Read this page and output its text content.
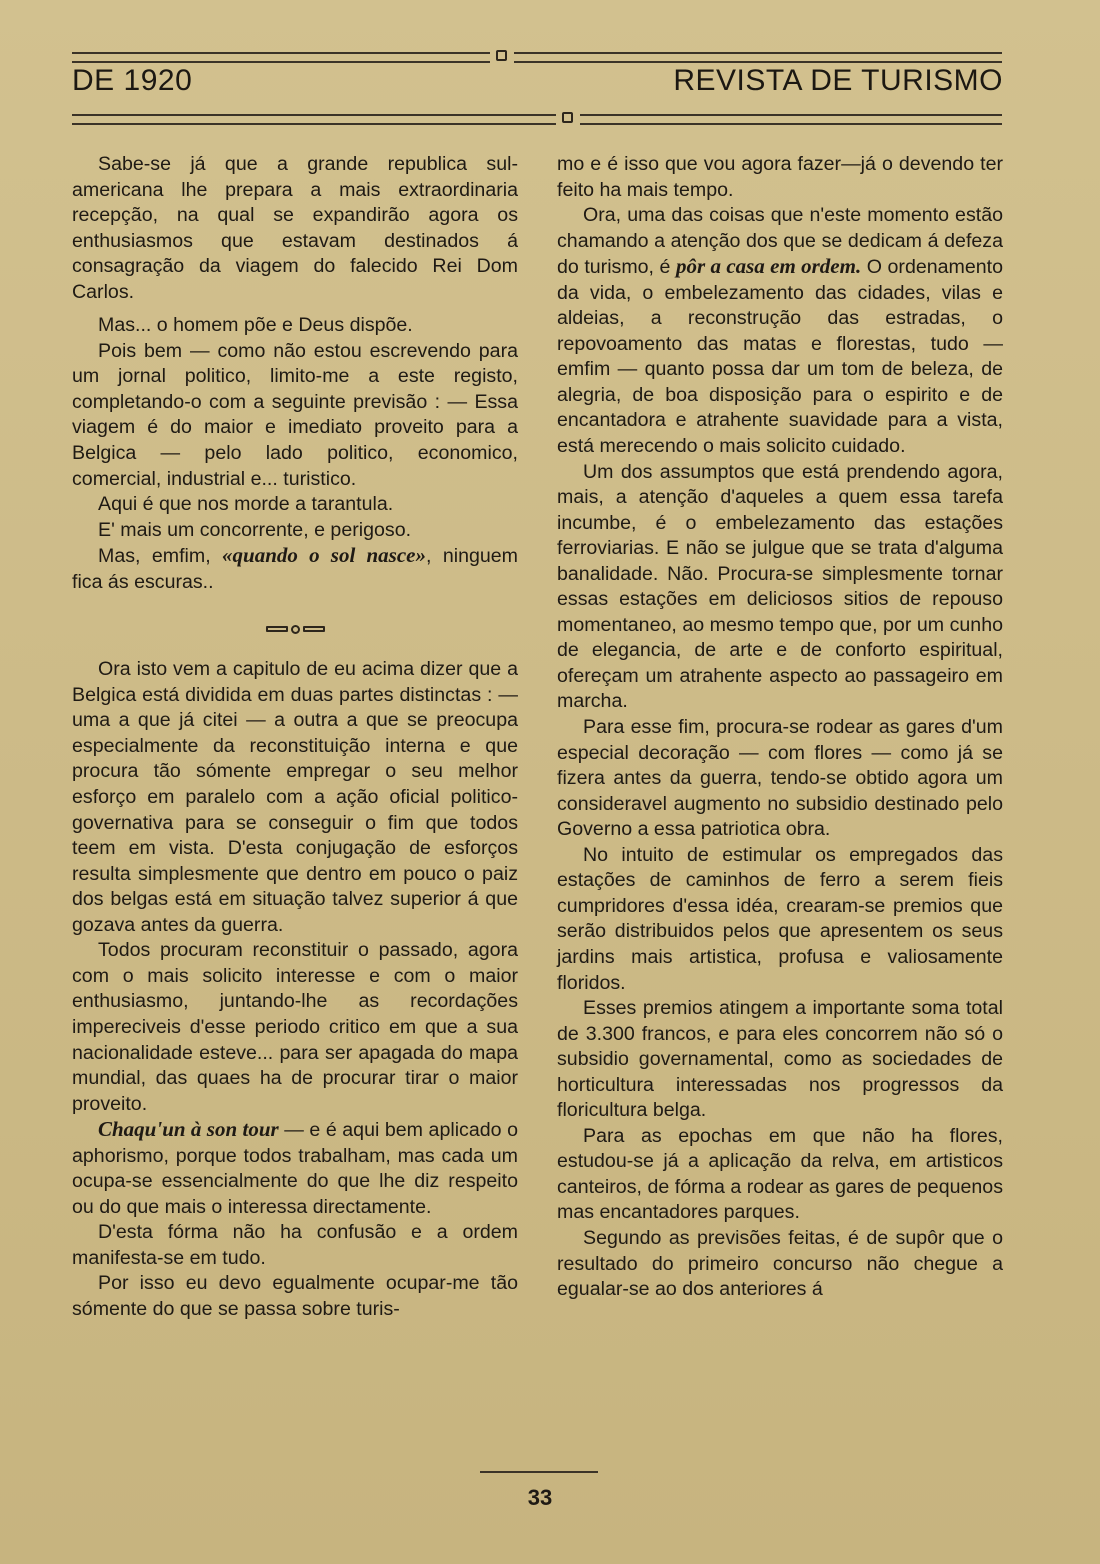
DE 1920	REVISTA DE TURISMO

Sabe-se já que a grande republica sul-americana lhe prepara a mais extraordinaria recepção, na qual se expandirão agora os enthusiasmos que estavam destinados á consagração da viagem do falecido Rei Dom Carlos.

Mas... o homem põe e Deus dispõe.

Pois bem — como não estou escrevendo para um jornal politico, limito-me a este registo, completando-o com a seguinte previsão : — Essa viagem é do maior e imediato proveito para a Belgica — pelo lado politico, economico, comercial, industrial e... turistico.

Aqui é que nos morde a tarantula.

E' mais um concorrente, e perigoso.

Mas, emfim, «quando o sol nasce», ninguem fica ás escuras..

Ora isto vem a capitulo de eu acima dizer que a Belgica está dividida em duas partes distinctas : — uma a que já citei — a outra a que se preocupa especialmente da reconstituição interna e que procura tão sómente empregar o seu melhor esforço em paralelo com a ação oficial politico-governativa para se conseguir o fim que todos teem em vista. D'esta conjugação de esforços resulta simplesmente que dentro em pouco o paiz dos belgas está em situação talvez superior á que gozava antes da guerra.

Todos procuram reconstituir o passado, agora com o mais solicito interesse e com o maior enthusiasmo, juntando-lhe as recordações impereciveis d'esse periodo critico em que a sua nacionalidade esteve... para ser apagada do mapa mundial, das quaes ha de procurar tirar o maior proveito.

Chaqu'un à son tour — e é aqui bem aplicado o aphorismo, porque todos trabalham, mas cada um ocupa-se essencialmente do que lhe diz respeito ou do que mais o interessa directamente.

D'esta fórma não ha confusão e a ordem manifesta-se em tudo.

Por isso eu devo egualmente ocupar-me tão sómente do que se passa sobre turis-

mo e é isso que vou agora fazer—já o devendo ter feito ha mais tempo.

Ora, uma das coisas que n'este momento estão chamando a atenção dos que se dedicam á defeza do turismo, é pôr a casa em ordem. O ordenamento da vida, o embelezamento das cidades, vilas e aldeias, a reconstrução das estradas, o repovoamento das matas e florestas, tudo — emfim — quanto possa dar um tom de beleza, de alegria, de boa disposição para o espirito e de encantadora e atrahente suavidade para a vista, está merecendo o mais solicito cuidado.

Um dos assumptos que está prendendo agora, mais, a atenção d'aqueles a quem essa tarefa incumbe, é o embelezamento das estações ferroviarias. E não se julgue que se trata d'alguma banalidade. Não. Procura-se simplesmente tornar essas estações em deliciosos sitios de repouso momentaneo, ao mesmo tempo que, por um cunho de elegancia, de arte e de conforto espiritual, ofereçam um atrahente aspecto ao passageiro em marcha.

Para esse fim, procura-se rodear as gares d'um especial decoração — com flores — como já se fizera antes da guerra, tendo-se obtido agora um consideravel augmento no subsidio destinado pelo Governo a essa patriotica obra.

No intuito de estimular os empregados das estações de caminhos de ferro a serem fieis cumpridores d'essa idéa, crearam-se premios que serão distribuidos pelos que apresentem os seus jardins mais artistica, profusa e valiosamente floridos.

Esses premios atingem a importante soma total de 3.300 francos, e para eles concorrem não só o subsidio governamental, como as sociedades de horticultura interessadas nos progressos da floricultura belga.

Para as epochas em que não ha flores, estudou-se já a aplicação da relva, em artisticos canteiros, de fórma a rodear as gares de pequenos mas encantadores parques.

Segundo as previsões feitas, é de supôr que o resultado do primeiro concurso não chegue a egualar-se ao dos anteriores á

33
